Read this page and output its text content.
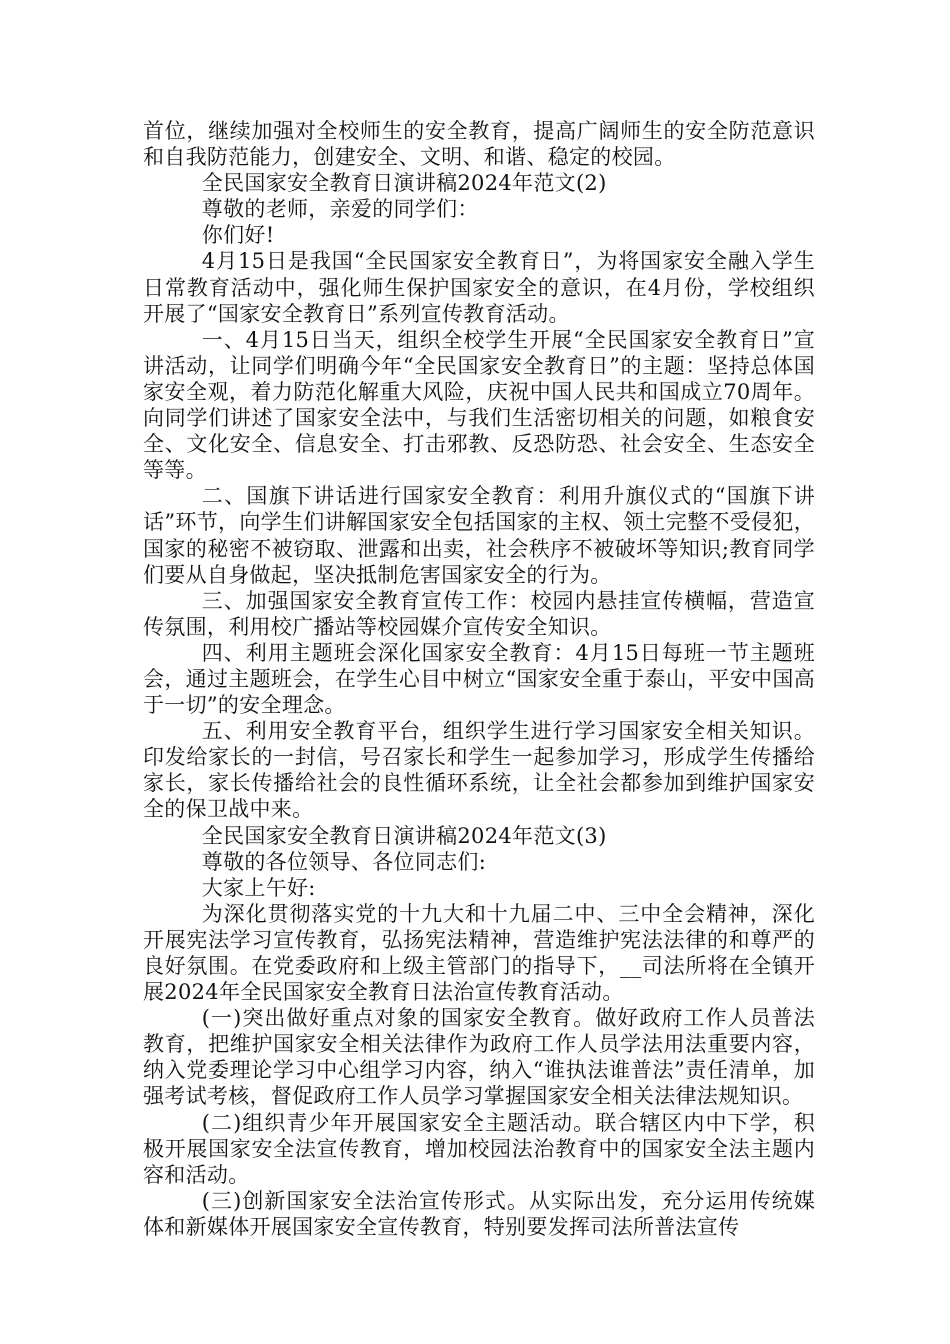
首位，继续加强对全校师生的安全教育，提高广阔师生的安全防范意识和自我防范能力，创建安全、文明、和谐、稳定的校园。

全民国家安全教育日演讲稿2024年范文(2)

尊敬的老师，亲爱的同学们：

你们好!

4月15日是我国“全民国家安全教育日”，为将国家安全融入学生日常教育活动中，强化师生保护国家安全的意识，在4月份，学校组织开展了“国家安全教育日”系列宣传教育活动。

一、4月15日当天，组织全校学生开展“全民国家安全教育日”宣讲活动，让同学们明确今年“全民国家安全教育日”的主题：坚持总体国家安全观，着力防范化解重大风险，庆祝中国人民共和国成立70周年。向同学们讲述了国家安全法中，与我们生活密切相关的问题，如粮食安全、文化安全、信息安全、打击邪教、反恐防恐、社会安全、生态安全等等。

二、国旗下讲话进行国家安全教育：利用升旗仪式的“国旗下讲话”环节，向学生们讲解国家安全包括国家的主权、领土完整不受侵犯，国家的秘密不被窃取、泄露和出卖，社会秩序不被破坏等知识;教育同学们要从自身做起，坚决抵制危害国家安全的行为。

三、加强国家安全教育宣传工作：校园内悬挂宣传横幅，营造宣传氛围，利用校广播站等校园媒介宣传安全知识。

四、利用主题班会深化国家安全教育：4月15日每班一节主题班会，通过主题班会，在学生心目中树立“国家安全重于泰山，平安中国高于一切”的安全理念。

五、利用安全教育平台，组织学生进行学习国家安全相关知识。印发给家长的一封信，号召家长和学生一起参加学习，形成学生传播给家长，家长传播给社会的良性循环系统，让全社会都参加到维护国家安全的保卫战中来。

全民国家安全教育日演讲稿2024年范文(3)

尊敬的各位领导、各位同志们:

大家上午好:

为深化贯彻落实党的十九大和十九届二中、三中全会精神，深化开展宪法学习宣传教育，弘扬宪法精神，营造维护宪法法律的和尊严的良好氛围。在党委政府和上级主管部门的指导下，__司法所将在全镇开展2024年全民国家安全教育日法治宣传教育活动。

(一)突出做好重点对象的国家安全教育。做好政府工作人员普法教育，把维护国家安全相关法律作为政府工作人员学法用法重要内容，纳入党委理论学习中心组学习内容，纳入“谁执法谁普法”责任清单，加强考试考核，督促政府工作人员学习掌握国家安全相关法律法规知识。

(二)组织青少年开展国家安全主题活动。联合辖区内中下学，积极开展国家安全法宣传教育，增加校园法治教育中的国家安全法主题内容和活动。

(三)创新国家安全法治宣传形式。从实际出发，充分运用传统媒体和新媒体开展国家安全宣传教育，特别要发挥司法所普法宣传
